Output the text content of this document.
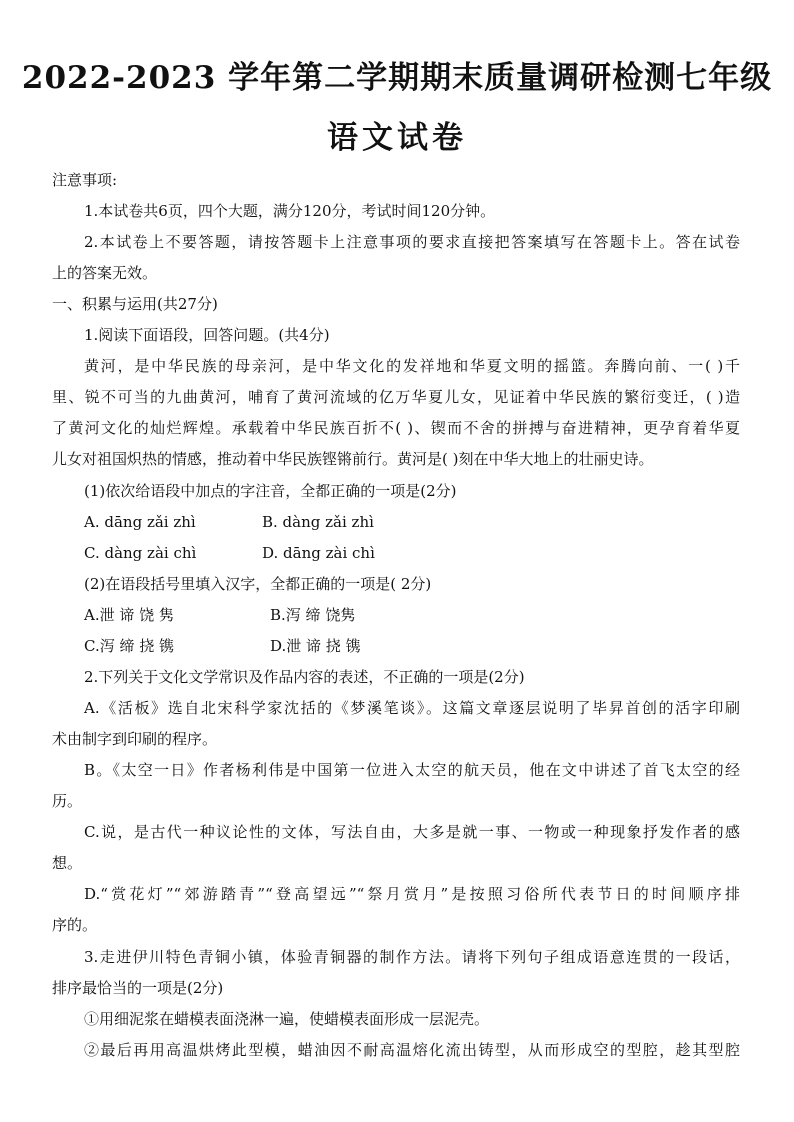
2022-2023 学年第二学期期末质量调研检测七年级
语文试卷
注意事项:
1.本试卷共6页，四个大题，满分120分，考试时间120分钟。
2.本试卷上不要答题，请按答题卡上注意事项的要求直接把答案填写在答题卡上。答在试卷
上的答案无效。
一、积累与运用(共27分)
1.阅读下面语段，回答问题。(共4分)
黄河，是中华民族的母亲河，是中华文化的发祥地和华夏文明的摇篮。奔腾向前、一( )千
里、锐不可当的九曲黄河，哺育了黄河流域的亿万华夏儿女，见证着中华民族的繁衍变迁，( )造
了黄河文化的灿烂辉煌。承载着中华民族百折不( )、锲而不舍的拼搏与奋进精神，更孕育着华夏
儿女对祖国炽热的情感，推动着中华民族铿锵前行。黄河是( )刻在中华大地上的壮丽史诗。
(1)依次给语段中加点的字注音，全都正确的一项是(2分)
A. dāng zǎi zhì	B. dàng zǎi zhì
C. dàng zài chì	D. dāng zài chì
(2)在语段括号里填入汉字，全都正确的一项是( 2分)
A.泄 谛 饶 隽	B.泻 缔 饶隽
C.泻 缔 挠 镌	D.泄 谛 挠 镌
2.下列关于文化文学常识及作品内容的表述，不正确的一项是(2分)
A.《活板》选自北宋科学家沈括的《梦溪笔谈》。这篇文章逐层说明了毕昇首创的活字印刷
术由制字到印刷的程序。
B。《太空一日》作者杨利伟是中国第一位进入太空的航天员，他在文中讲述了首飞太空的经
历。
C.说，是古代一种议论性的文体，写法自由，大多是就一事、一物或一种现象抒发作者的感
想。
D.“赏花灯”“郊游踏青”“登高望远”“祭月赏月”是按照习俗所代表节日的时间顺序排
序的。
3.走进伊川特色青铜小镇，体验青铜器的制作方法。请将下列句子组成语意连贯的一段话，
排序最恰当的一项是(2分)
①用细泥浆在蜡模表面浇淋一遍，使蜡模表面形成一层泥壳。
②最后再用高温烘烤此型模，蜡油因不耐高温熔化流出铸型，从而形成空的型腔，趁其型腔
